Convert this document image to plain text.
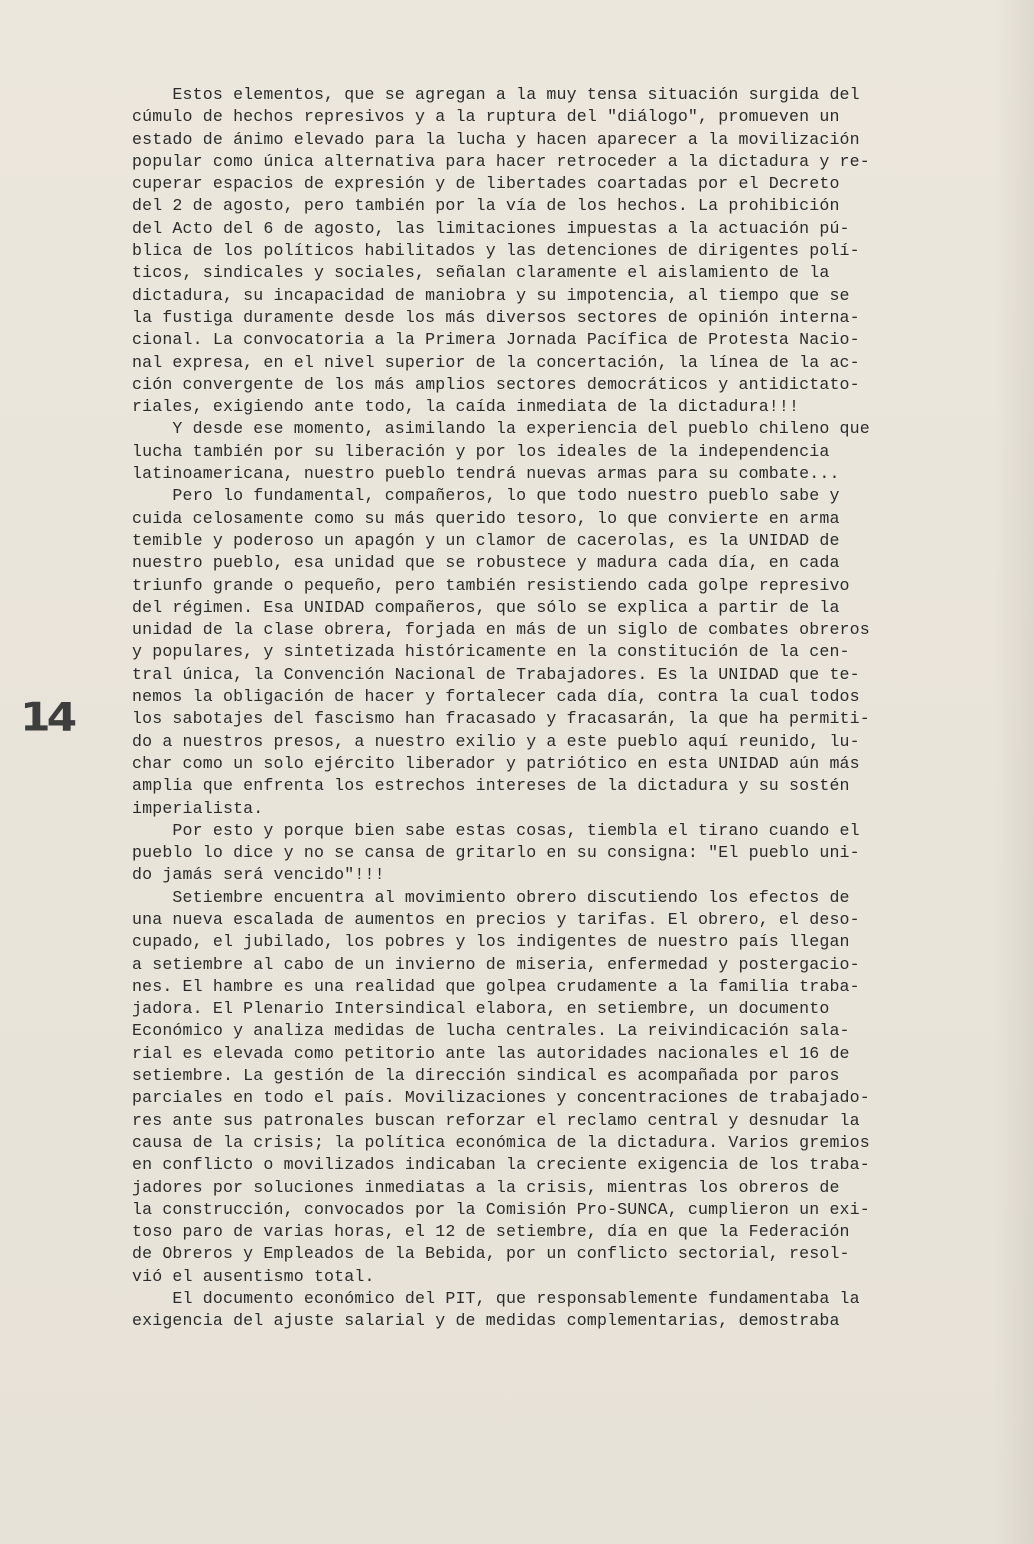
14
Estos elementos, que se agregan a la muy tensa situación surgida del
cúmulo de hechos represivos y a la ruptura del "diálogo", promueven un
estado de ánimo elevado para la lucha y hacen aparecer a la movilización
popular como única alternativa para hacer retroceder a la dictadura y re-
cuperar espacios de expresión y de libertades coartadas por el Decreto
del 2 de agosto, pero también por la vía de los hechos. La prohibición
del Acto del 6 de agosto, las limitaciones impuestas a la actuación pú-
blica de los políticos habilitados y las detenciones de dirigentes polí-
ticos, sindicales y sociales, señalan claramente el aislamiento de la
dictadura, su incapacidad de maniobra y su impotencia, al tiempo que se
la fustiga duramente desde los más diversos sectores de opinión interna-
cional. La convocatoria a la Primera Jornada Pacífica de Protesta Nacio-
nal expresa, en el nivel superior de la concertación, la línea de la ac-
ción convergente de los más amplios sectores democráticos y antidictato-
riales, exigiendo ante todo, la caída inmediata de la dictadura!!!
Y desde ese momento, asimilando la experiencia del pueblo chileno que
lucha también por su liberación y por los ideales de la independencia
latinoamericana, nuestro pueblo tendrá nuevas armas para su combate...
Pero lo fundamental, compañeros, lo que todo nuestro pueblo sabe y
cuida celosamente como su más querido tesoro, lo que convierte en arma
temible y poderoso un apagón y un clamor de cacerolas, es la UNIDAD de
nuestro pueblo, esa unidad que se robustece y madura cada día, en cada
triunfo grande o pequeño, pero también resistiendo cada golpe represivo
del régimen. Esa UNIDAD compañeros, que sólo se explica a partir de la
unidad de la clase obrera, forjada en más de un siglo de combates obreros
y populares, y sintetizada históricamente en la constitución de la cen-
tral única, la Convención Nacional de Trabajadores. Es la UNIDAD que te-
nemos la obligación de hacer y fortalecer cada día, contra la cual todos
los sabotajes del fascismo han fracasado y fracasarán, la que ha permiti-
do a nuestros presos, a nuestro exilio y a este pueblo aquí reunido, lu-
char como un solo ejército liberador y patriótico en esta UNIDAD aún más
amplia que enfrenta los estrechos intereses de la dictadura y su sostén
imperialista.
Por esto y porque bien sabe estas cosas, tiembla el tirano cuando el
pueblo lo dice y no se cansa de gritarlo en su consigna: "El pueblo uni-
do jamás será vencido"!!!
Setiembre encuentra al movimiento obrero discutiendo los efectos de
una nueva escalada de aumentos en precios y tarifas. El obrero, el deso-
cupado, el jubilado, los pobres y los indigentes de nuestro país llegan
a setiembre al cabo de un invierno de miseria, enfermedad y postergacio-
nes. El hambre es una realidad que golpea crudamente a la familia traba-
jadora. El Plenario Intersindical elabora, en setiembre, un documento
Económico y analiza medidas de lucha centrales. La reivindicación sala-
rial es elevada como petitorio ante las autoridades nacionales el 16 de
setiembre. La gestión de la dirección sindical es acompañada por paros
parciales en todo el país. Movilizaciones y concentraciones de trabajado-
res ante sus patronales buscan reforzar el reclamo central y desnudar la
causa de la crisis; la política económica de la dictadura. Varios gremios
en conflicto o movilizados indicaban la creciente exigencia de los traba-
jadores por soluciones inmediatas a la crisis, mientras los obreros de
la construcción, convocados por la Comisión Pro-SUNCA, cumplieron un exi-
toso paro de varias horas, el 12 de setiembre, día en que la Federación
de Obreros y Empleados de la Bebida, por un conflicto sectorial, resol-
vió el ausentismo total.
El documento económico del PIT, que responsablemente fundamentaba la
exigencia del ajuste salarial y de medidas complementarias, demostraba
